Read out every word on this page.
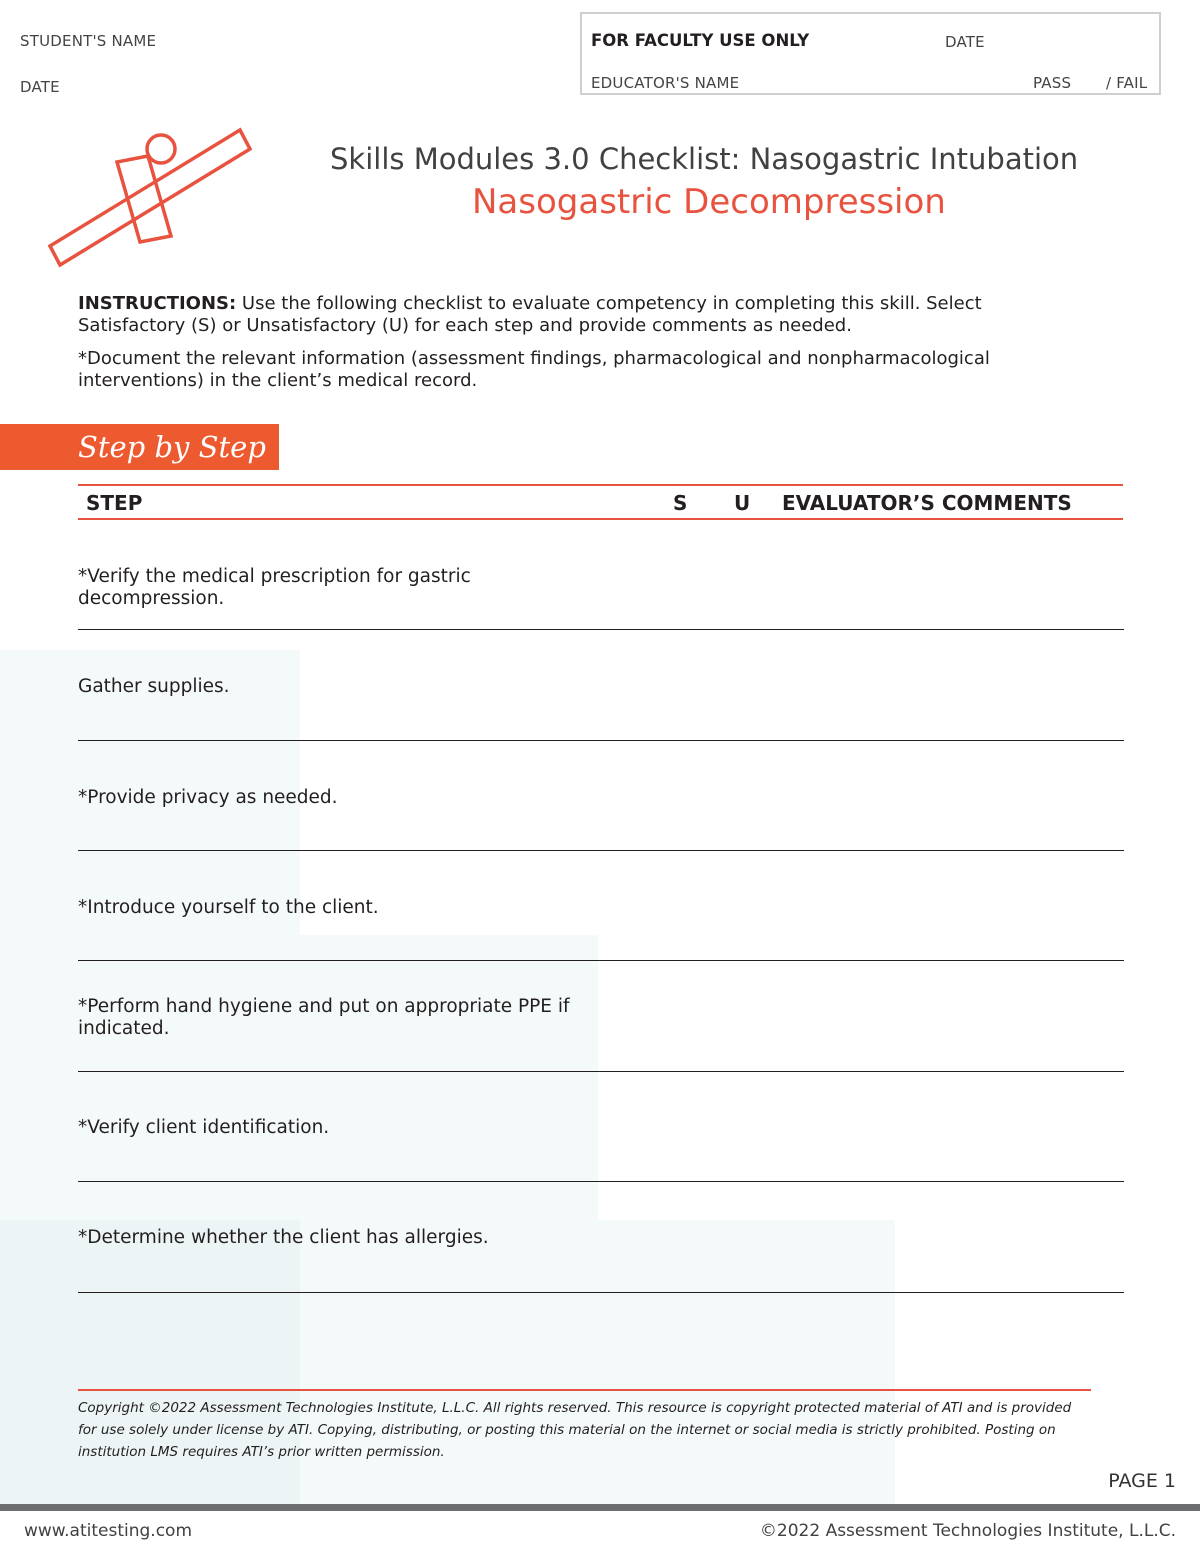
STUDENT'S NAME
DATE
FOR FACULTY USE ONLY	DATE
EDUCATOR'S NAME	PASS / FAIL
Skills Modules 3.0 Checklist: Nasogastric Intubation
Nasogastric Decompression
INSTRUCTIONS: Use the following checklist to evaluate competency in completing this skill. Select
Satisfactory (S) or Unsatisfactory (U) for each step and provide comments as needed.
*Document the relevant information (assessment findings, pharmacological and nonpharmacological
interventions) in the client’s medical record.
Step by Step
STEP	S U EVALUATOR’S COMMENTS
*Verify the medical prescription for gastric decompression.
Gather supplies.
*Provide privacy as needed.
*Introduce yourself to the client.
*Perform hand hygiene and put on appropriate PPE if
indicated.
*Verify client identification.
*Determine whether the client has allergies.
Copyright ©2022 Assessment Technologies Institute, L.L.C. All rights reserved. This resource is copyright protected material of ATI and is provided
for use solely under license by ATI. Copying, distributing, or posting this material on the internet or social media is strictly prohibited. Posting on
institution LMS requires ATI’s prior written permission.
PAGE 1
www.atitesting.com	©2022 Assessment Technologies Institute, L.L.C.
